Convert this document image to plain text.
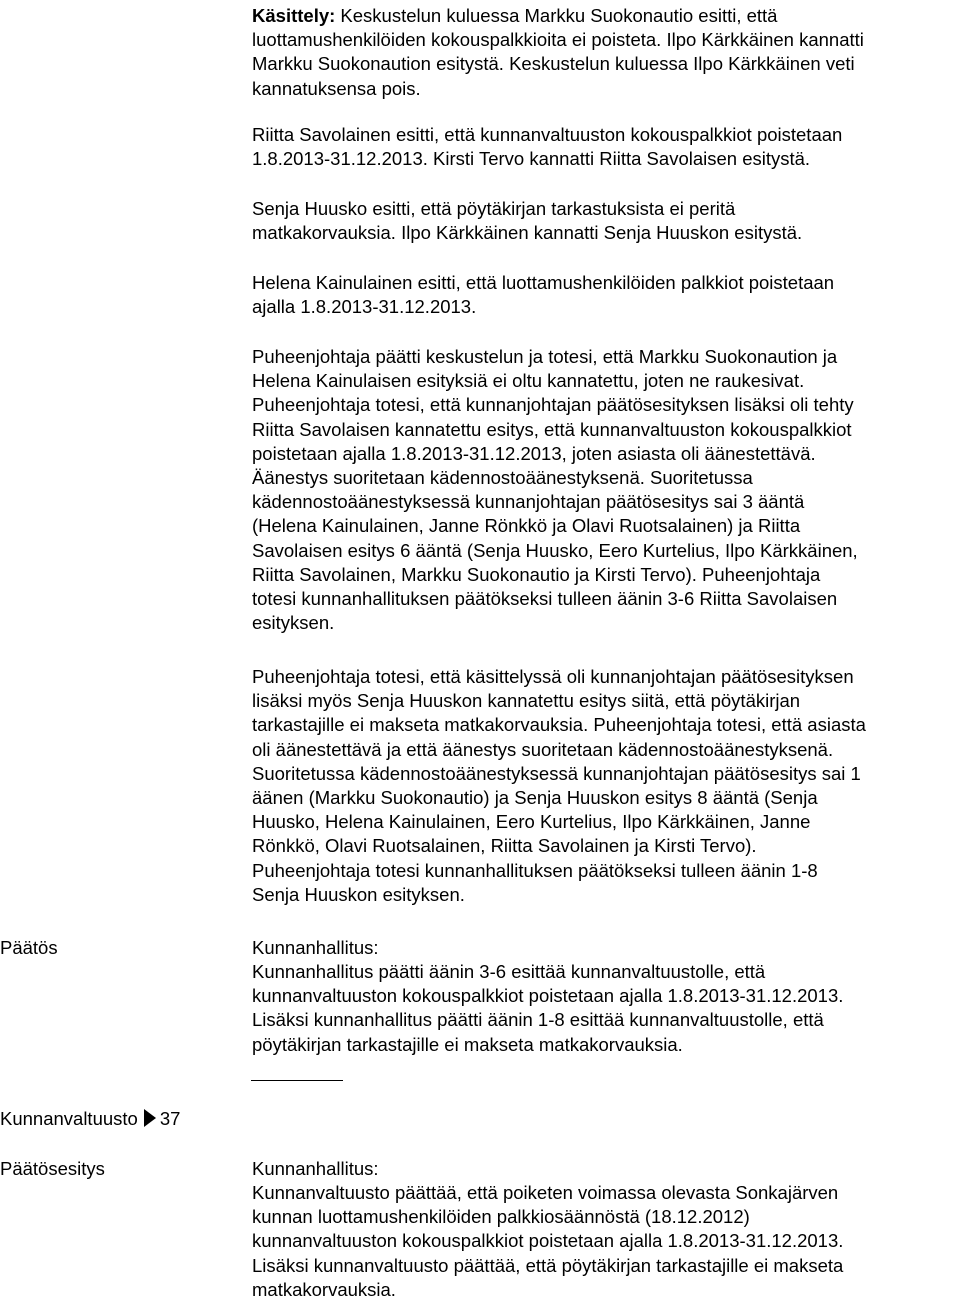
Käsittely: Keskustelun kuluessa Markku Suokonautio esitti, että
luottamushenkilöiden kokouspalkkioita ei poisteta. Ilpo Kärkkäinen kannatti
Markku Suokonaution esitystä. Keskustelun kuluessa Ilpo Kärkkäinen veti
kannatuksensa pois.

Riitta Savolainen esitti, että kunnanvaltuuston kokouspalkkiot poistetaan
1.8.2013-31.12.2013. Kirsti Tervo kannatti Riitta Savolaisen esitystä.

Senja Huusko esitti, että pöytäkirjan tarkastuksista ei peritä
matkakorvauksia. Ilpo Kärkkäinen kannatti Senja Huuskon esitystä.

Helena Kainulainen esitti, että luottamushenkilöiden palkkiot poistetaan
ajalla 1.8.2013-31.12.2013.

Puheenjohtaja päätti keskustelun ja totesi, että Markku Suokonaution ja
Helena Kainulaisen esityksiä ei oltu kannatettu, joten ne raukesivat.
Puheenjohtaja totesi, että kunnanjohtajan päätösesityksen lisäksi oli tehty
Riitta Savolaisen kannatettu esitys, että kunnanvaltuuston kokouspalkkiot
poistetaan ajalla 1.8.2013-31.12.2013, joten asiasta oli äänestettävä.
Äänestys suoritetaan kädennostoäänestyksenä. Suoritetussa
kädennostoäänestyksessä kunnanjohtajan päätösesitys sai 3 ääntä
(Helena Kainulainen, Janne Rönkkö ja Olavi Ruotsalainen) ja Riitta
Savolaisen esitys 6 ääntä (Senja Huusko, Eero Kurtelius, Ilpo Kärkkäinen,
Riitta Savolainen, Markku Suokonautio ja Kirsti Tervo). Puheenjohtaja
totesi kunnanhallituksen päätökseksi tulleen äänin 3-6 Riitta Savolaisen
esityksen.

Puheenjohtaja totesi, että käsittelyssä oli kunnanjohtajan päätösesityksen
lisäksi myös Senja Huuskon kannatettu esitys siitä, että pöytäkirjan
tarkastajille ei makseta matkakorvauksia. Puheenjohtaja totesi, että asiasta
oli äänestettävä ja että äänestys suoritetaan kädennostoäänestyksenä.
Suoritetussa kädennostoäänestyksessä kunnanjohtajan päätösesitys sai 1
äänen (Markku Suokonautio) ja Senja Huuskon esitys 8 ääntä (Senja
Huusko, Helena Kainulainen, Eero Kurtelius, Ilpo Kärkkäinen, Janne
Rönkkö, Olavi Ruotsalainen, Riitta Savolainen ja Kirsti Tervo).
Puheenjohtaja totesi kunnanhallituksen päätökseksi tulleen äänin 1-8
Senja Huuskon esityksen.

Päätös	Kunnanhallitus:

Kunnanhallitus päätti äänin 3-6 esittää kunnanvaltuustolle, että
kunnanvaltuuston kokouspalkkiot poistetaan ajalla 1.8.2013-31.12.2013.
Lisäksi kunnanhallitus päätti äänin 1-8 esittää kunnanvaltuustolle, että
pöytäkirjan tarkastajille ei makseta matkakorvauksia.

Kunnanvaltuusto 37

Päätösesitys	Kunnanhallitus:

Kunnanvaltuusto päättää, että poiketen voimassa olevasta Sonkajärven
kunnan luottamushenkilöiden palkkiosäännöstä (18.12.2012)
kunnanvaltuuston kokouspalkkiot poistetaan ajalla 1.8.2013-31.12.2013.
Lisäksi kunnanvaltuusto päättää, että pöytäkirjan tarkastajille ei makseta
matkakorvauksia.
